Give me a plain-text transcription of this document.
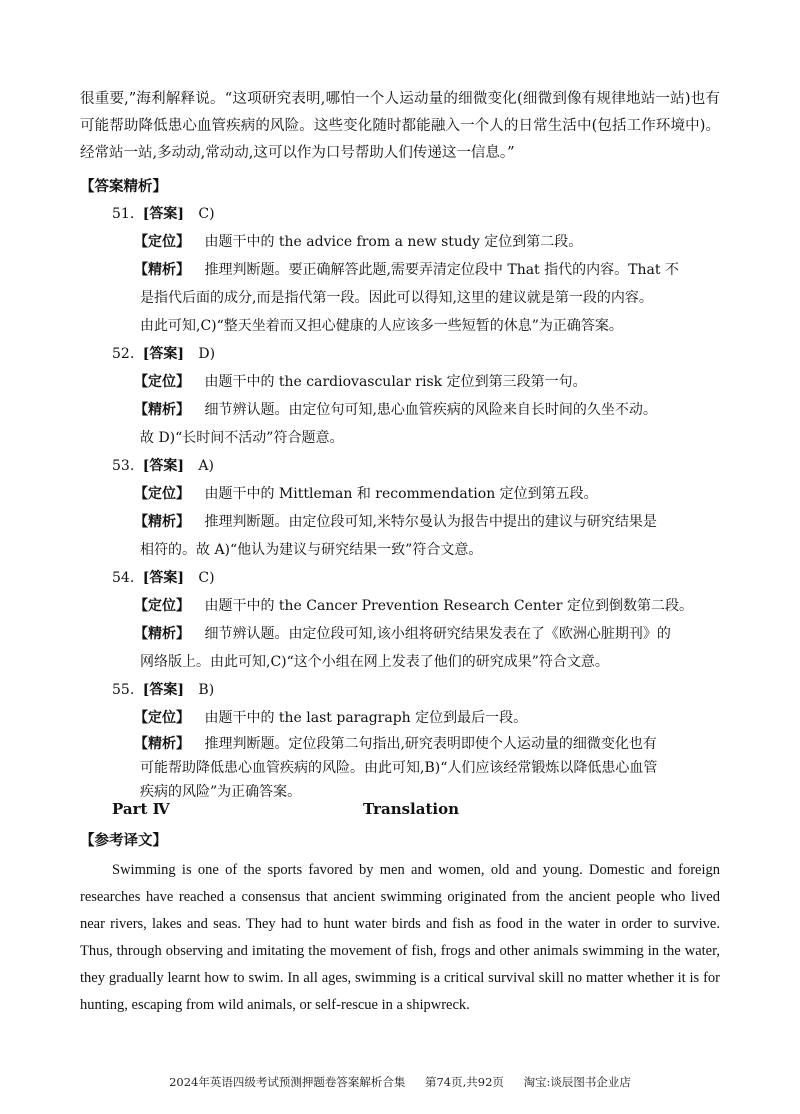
很重要,”海利解释说。“这项研究表明,哪怕一个人运动量的细微变化(细微到像有规律地站一站)也有可能帮助降低患心血管疾病的风险。这些变化随时都能融入一个人的日常生活中(包括工作环境中)。经常站一站,多动动,常动动,这可以作为口号帮助人们传递这一信息。”

【答案精析】
51. [答案] C)
【定位】 由题干中的 the advice from a new study 定位到第二段。
【精析】 推理判断题。要正确解答此题,需要弄清定位段中 That 指代的内容。That 不
是指代后面的成分,而是指代第一段。因此可以得知,这里的建议就是第一段的内容。
由此可知,C)“整天坐着而又担心健康的人应该多一些短暂的休息”为正确答案。
52. [答案] D)
【定位】 由题干中的 the cardiovascular risk 定位到第三段第一句。
【精析】 细节辨认题。由定位句可知,患心血管疾病的风险来自长时间的久坐不动。
故 D)“长时间不活动”符合题意。
53. [答案] A)
【定位】 由题干中的 Mittleman 和 recommendation 定位到第五段。
【精析】 推理判断题。由定位段可知,米特尔曼认为报告中提出的建议与研究结果是
相符的。故 A)“他认为建议与研究结果一致”符合文意。
54. [答案] C)
【定位】 由题干中的 the Cancer Prevention Research Center 定位到倒数第二段。
【精析】 细节辨认题。由定位段可知,该小组将研究结果发表在了《欧洲心脏期刊》的
网络版上。由此可知,C)“这个小组在网上发表了他们的研究成果”符合文意。
55. [答案] B)
【定位】 由题干中的 the last paragraph 定位到最后一段。
【精析】 推理判断题。定位段第二句指出,研究表明即使个人运动量的细微变化也有
可能帮助降低患心血管疾病的风险。由此可知,B)“人们应该经常锻炼以降低患心血管
Part Ⅳ	Translation
【参考译文】

Swimming is one of the sports favored by men and women, old and young. Domestic and foreign researches have reached a consensus that ancient swimming originated from the ancient people who lived near rivers, lakes and seas. They had to hunt water birds and fish as food in the water in order to survive. Thus, through observing and imitating the movement of fish, frogs and other animals swimming in the water, they gradually learnt how to swim. In all ages, swimming is a critical survival skill no matter whether it is for hunting, escaping from wild animals, or self-rescue in a shipwreck.

2024年英语四级考试预测押题卷答案解析合集 第74页,共92页 淘宝:谈辰图书企业店
疾病的风险”为正确答案。
